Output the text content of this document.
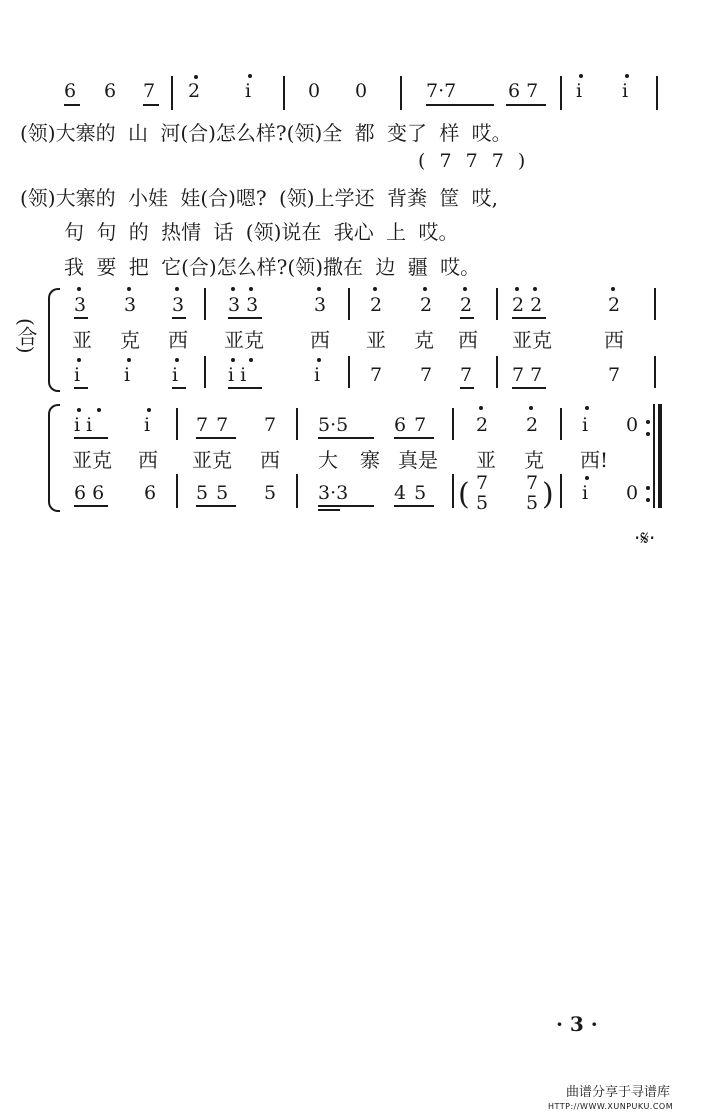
6 6 7 2 i	0 0	7·7	67 i i
(领)大寨的 山 河(合)怎么样?(领)全 都 变了 样 哎。
( 7 7 7 )
(领)大寨的 小娃 娃(合)嗯? (领)上学还 背粪 筐 哎,
句 句 的 热情 话 (领)说在 我心 上 哎。
我 要 把 它(合)怎么样?(领)撒在 边 疆 哎。
(合)
3 3 3 33	3 2 2 2 22	2
亚 克 西 亚克 西 亚 克 西 亚克	西
i i i	ii	i	7 7 7 77	7
ii i 77 7 5·5 67 2 2 i 0
亚克 西 亚克 西 大 寨 真是 亚 克 西!
66 6 55 5 3·3 45 ( 7
5
7
5 ) i 0
·𝄋·
· 3 ·
曲谱分享于寻谱库
HTTP://WWW.XUNPUKU.COM
